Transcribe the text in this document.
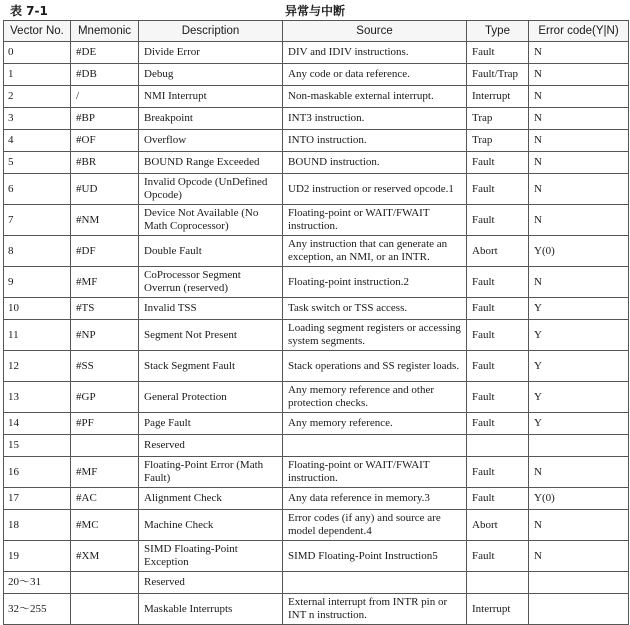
表 7-1	异常与中断
Vector No.	Mnemonic	Description	Source	Type	Error code(Y|N)
0	#DE	Divide Error	DIV and IDIV instructions.	Fault	N
1	#DB	Debug	Any code or data reference.	Fault/Trap	N
2	/	NMI Interrupt	Non-maskable external interrupt.	Interrupt	N
3	#BP	Breakpoint	INT3 instruction.	Trap	N
4	#OF	Overflow	INTO instruction.	Trap	N
5	#BR	BOUND Range Exceeded	BOUND instruction.	Fault	N
6	#UD	Invalid Opcode (UnDefined Opcode)	UD2 instruction or reserved opcode.1	Fault	N
7	#NM	Device Not Available (No Math Coprocessor)	Floating-point or WAIT/FWAIT instruction.	Fault	N
8	#DF	Double Fault	Any instruction that can generate an exception, an NMI, or an INTR.	Abort	Y(0)
9	#MF	CoProcessor Segment Overrun (reserved)	Floating-point instruction.2	Fault	N
10	#TS	Invalid TSS	Task switch or TSS access.	Fault	Y
11	#NP	Segment Not Present	Loading segment registers or accessing system segments.	Fault	Y
12	#SS	Stack Segment Fault	Stack operations and SS register loads.	Fault	Y
13	#GP	General Protection	Any memory reference and other protection checks.	Fault	Y
14	#PF	Page Fault	Any memory reference.	Fault	Y
15		Reserved			
16	#MF	Floating-Point Error (Math Fault)	Floating-point or WAIT/FWAIT instruction.	Fault	N
17	#AC	Alignment Check	Any data reference in memory.3	Fault	Y(0)
18	#MC	Machine Check	Error codes (if any) and source are model dependent.4	Abort	N
19	#XM	SIMD Floating-Point Exception	SIMD Floating-Point Instruction5	Fault	N
20～31		Reserved			
32～255		Maskable Interrupts	External interrupt from INTR pin or INT n instruction.	Interrupt	
